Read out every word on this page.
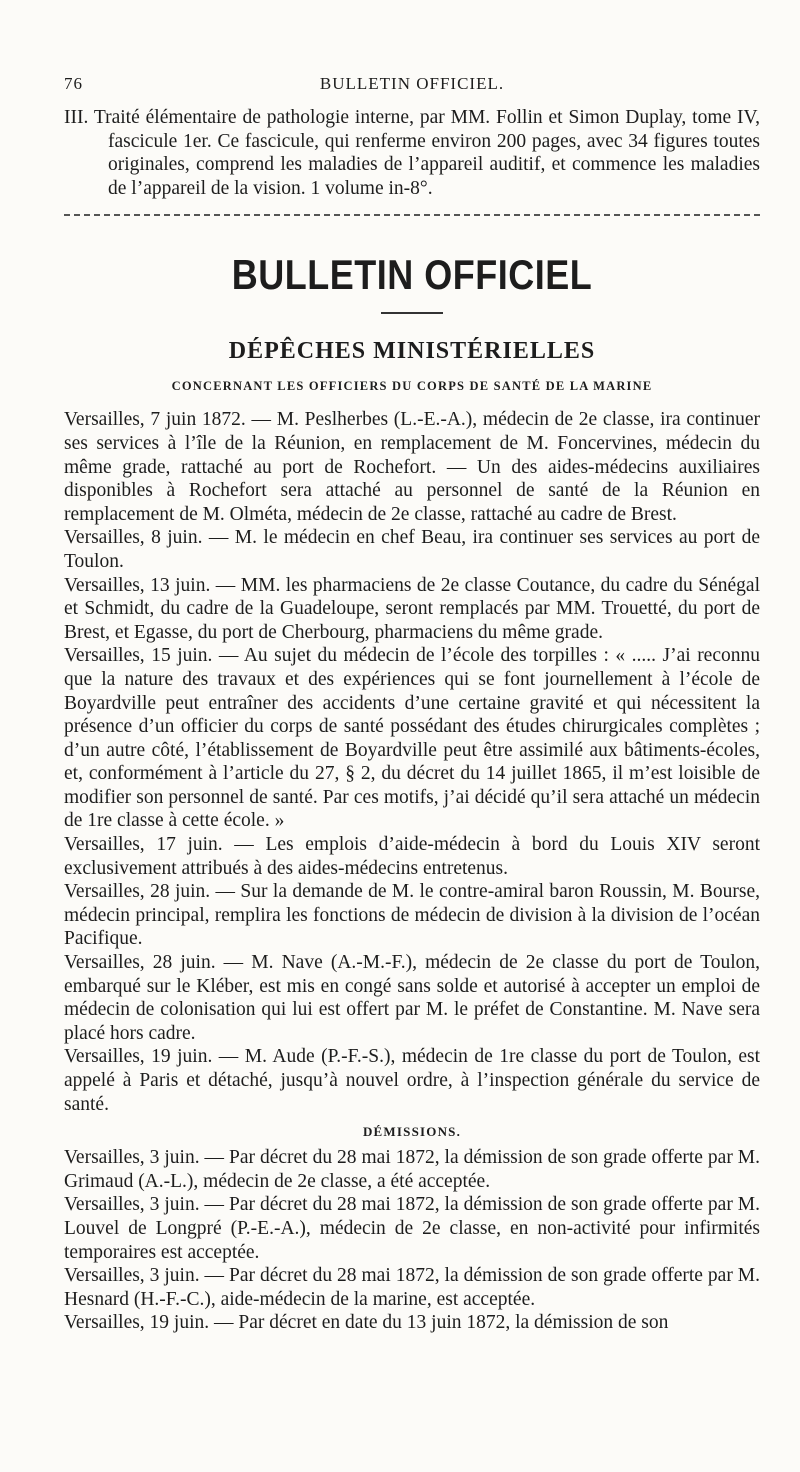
76	BULLETIN OFFICIEL.

III. Traité élémentaire de pathologie interne, par MM. Follin et Simon Duplay, tome IV, fascicule 1er. Ce fascicule, qui renferme environ 200 pages, avec 34 figures toutes originales, comprend les maladies de l’appareil auditif, et commence les maladies de l’appareil de la vision. 1 volume in-8°.

BULLETIN OFFICIEL
DÉPÊCHES MINISTÉRIELLES
CONCERNANT LES OFFICIERS DU CORPS DE SANTÉ DE LA MARINE

Versailles, 7 juin 1872. — M. Peslherbes (L.-E.-A.), médecin de 2e classe, ira continuer ses services à l’île de la Réunion, en remplacement de M. Foncervines, médecin du même grade, rattaché au port de Rochefort. — Un des aides-médecins auxiliaires disponibles à Rochefort sera attaché au personnel de santé de la Réunion en remplacement de M. Olméta, médecin de 2e classe, rattaché au cadre de Brest.

Versailles, 8 juin. — M. le médecin en chef Beau, ira continuer ses services au port de Toulon.

Versailles, 13 juin. — MM. les pharmaciens de 2e classe Coutance, du cadre du Sénégal et Schmidt, du cadre de la Guadeloupe, seront remplacés par MM. Trouetté, du port de Brest, et Egasse, du port de Cherbourg, pharmaciens du même grade.

Versailles, 15 juin. — Au sujet du médecin de l’école des torpilles : « ..... J’ai reconnu que la nature des travaux et des expériences qui se font journellement à l’école de Boyardville peut entraîner des accidents d’une certaine gravité et qui nécessitent la présence d’un officier du corps de santé possédant des études chirurgicales complètes ; d’un autre côté, l’établissement de Boyardville peut être assimilé aux bâtiments-écoles, et, conformément à l’article du 27, § 2, du décret du 14 juillet 1865, il m’est loisible de modifier son personnel de santé. Par ces motifs, j’ai décidé qu’il sera attaché un médecin de 1re classe à cette école. »

Versailles, 17 juin. — Les emplois d’aide-médecin à bord du Louis XIV seront exclusivement attribués à des aides-médecins entretenus.

Versailles, 28 juin. — Sur la demande de M. le contre-amiral baron Roussin, M. Bourse, médecin principal, remplira les fonctions de médecin de division à la division de l’océan Pacifique.

Versailles, 28 juin. — M. Nave (A.-M.-F.), médecin de 2e classe du port de Toulon, embarqué sur le Kléber, est mis en congé sans solde et autorisé à accepter un emploi de médecin de colonisation qui lui est offert par M. le préfet de Constantine. M. Nave sera placé hors cadre.

Versailles, 19 juin. — M. Aude (P.-F.-S.), médecin de 1re classe du port de Toulon, est appelé à Paris et détaché, jusqu’à nouvel ordre, à l’inspection générale du service de santé.

DÉMISSIONS.

Versailles, 3 juin. — Par décret du 28 mai 1872, la démission de son grade offerte par M. Grimaud (A.-L.), médecin de 2e classe, a été acceptée.

Versailles, 3 juin. — Par décret du 28 mai 1872, la démission de son grade offerte par M. Louvel de Longpré (P.-E.-A.), médecin de 2e classe, en non-activité pour infirmités temporaires est acceptée.

Versailles, 3 juin. — Par décret du 28 mai 1872, la démission de son grade offerte par M. Hesnard (H.-F.-C.), aide-médecin de la marine, est acceptée.

Versailles, 19 juin. — Par décret en date du 13 juin 1872, la démission de son
